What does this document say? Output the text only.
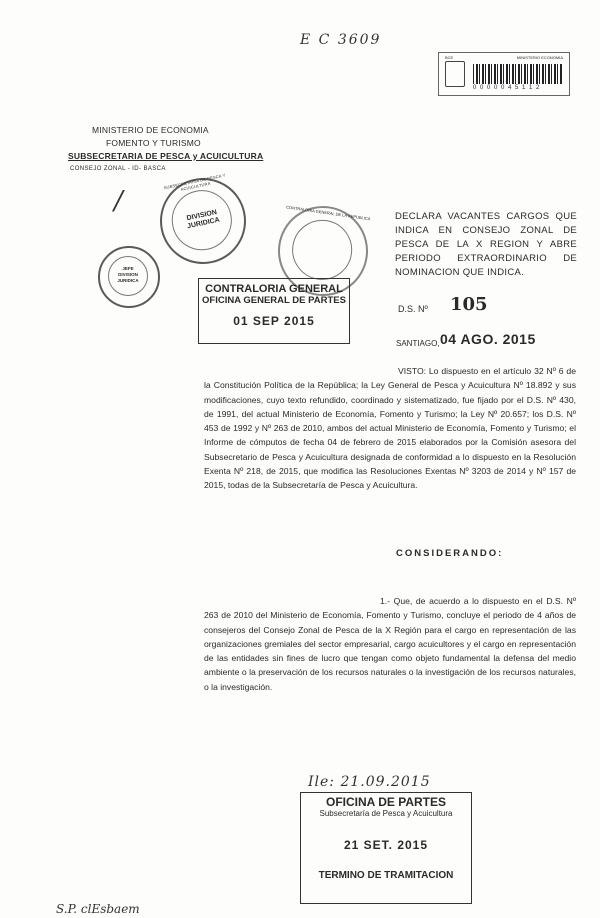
E C 3609
BCE	MINISTERIO ECONOMIA
0 0 0 0 0 4 5 1 1 2
MINISTERIO DE ECONOMIA
FOMENTO Y TURISMO
SUBSECRETARIA DE PESCA y ACUICULTURA
CONSEJO ZONAL - ID- BASCA
/
SUBSECRETARIA DE PESCA Y ACUICULTURA
DIVISION JURIDICA
JEFE DIVISION JURIDICA
CONTRALORIA GENERAL DE LA REPUBLICA	DECLARA VACANTES CARGOS QUE INDICA EN CONSEJO ZONAL DE PESCA DE LA X REGION Y ABRE PERIODO EXTRAORDINARIO DE NOMINACION QUE INDICA.
CONTRALORIA GENERAL
OFICINA GENERAL DE PARTES
01 SEP 2015
D.S. Nº 105
SANTIAGO, 04 AGO. 2015
VISTO: Lo dispuesto en el artículo 32 Nº 6 de la Constitución Política de la República; la Ley General de Pesca y Acuicultura Nº 18.892 y sus modificaciones, cuyo texto refundido, coordinado y sistematizado, fue fijado por el D.S. Nº 430, de 1991, del actual Ministerio de Economía, Fomento y Turismo; la Ley Nº 20.657; los D.S. Nº 453 de 1992 y Nº 263 de 2010, ambos del actual Ministerio de Economía, Fomento y Turismo; el Informe de cómputos de fecha 04 de febrero de 2015 elaborados por la Comisión asesora del Subsecretario de Pesca y Acuicultura designada de conformidad a lo dispuesto en la Resolución Exenta Nº 218, de 2015, que modifica las Resoluciones Exentas Nº 3203 de 2014 y Nº 157 de 2015, todas de la Subsecretaría de Pesca y Acuicultura.
CONSIDERANDO:
1.- Que, de acuerdo a lo dispuesto en el D.S. Nº 263 de 2010 del Ministerio de Economía, Fomento y Turismo, concluye el periodo de 4 años de consejeros del Consejo Zonal de Pesca de la X Región para el cargo en representación de las organizaciones gremiales del sector empresarial, cargo acuicultores y el cargo en representación de las entidades sin fines de lucro que tengan como objeto fundamental la defensa del medio ambiente o la preservación de los recursos naturales o la investigación de los recursos naturales, o la investigación.
Ile: 21.09.2015
OFICINA DE PARTES
Subsecretaría de Pesca y Acuicultura
21 SET. 2015
TERMINO DE TRAMITACION
S.P. clEsbaem
